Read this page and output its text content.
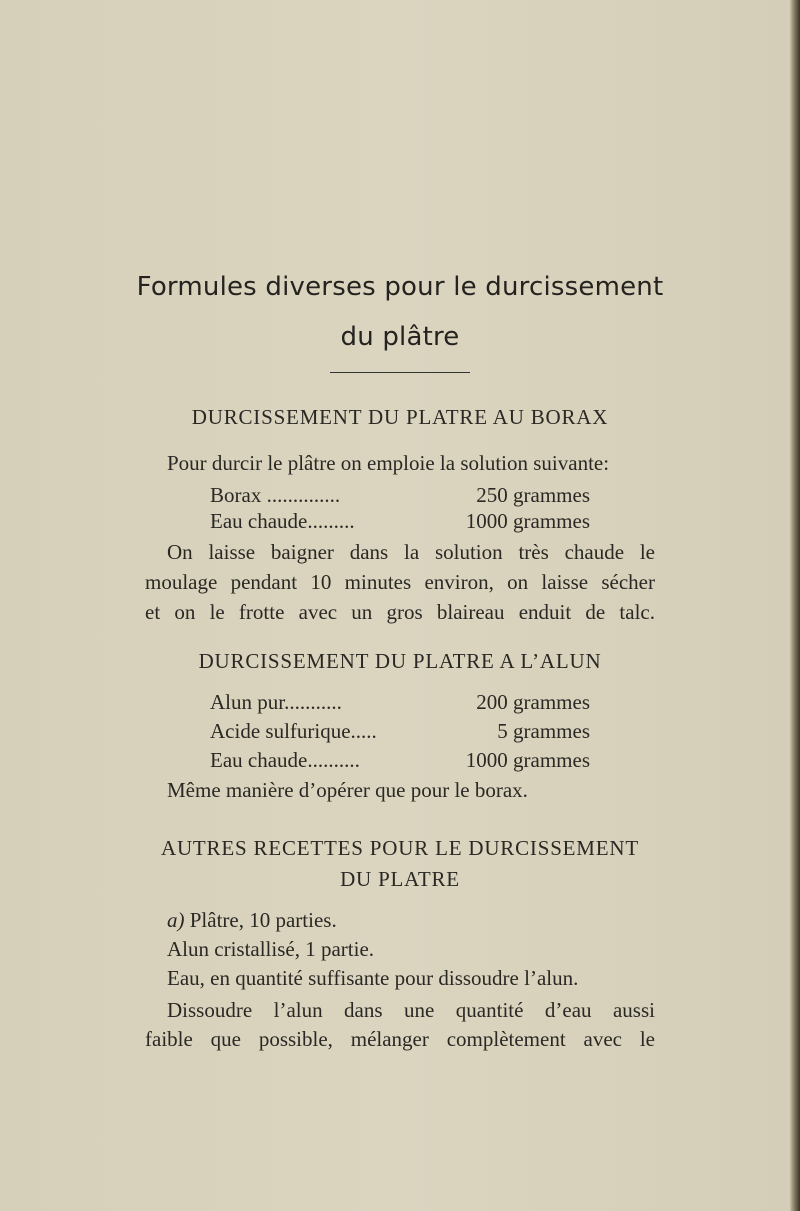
Formules diverses pour le durcissement
du plâtre
DURCISSEMENT DU PLATRE AU BORAX
Pour durcir le plâtre on emploie la solution suivante:
Borax ..............	250 grammes
Eau chaude.........	1000 grammes
On laisse baigner dans la solution très chaude le
moulage pendant 10 minutes environ, on laisse sécher
et on le frotte avec un gros blaireau enduit de talc.
DURCISSEMENT DU PLATRE A L’ALUN
Alun pur...........	200 grammes
Acide sulfurique.....	5 grammes
Eau chaude..........	1000 grammes
Même manière d’opérer que pour le borax.
AUTRES RECETTES POUR LE DURCISSEMENT
DU PLATRE
a) Plâtre, 10 parties.
Alun cristallisé, 1 partie.
Eau, en quantité suffisante pour dissoudre l’alun.
Dissoudre l’alun dans une quantité d’eau aussi
faible que possible, mélanger complètement avec le
